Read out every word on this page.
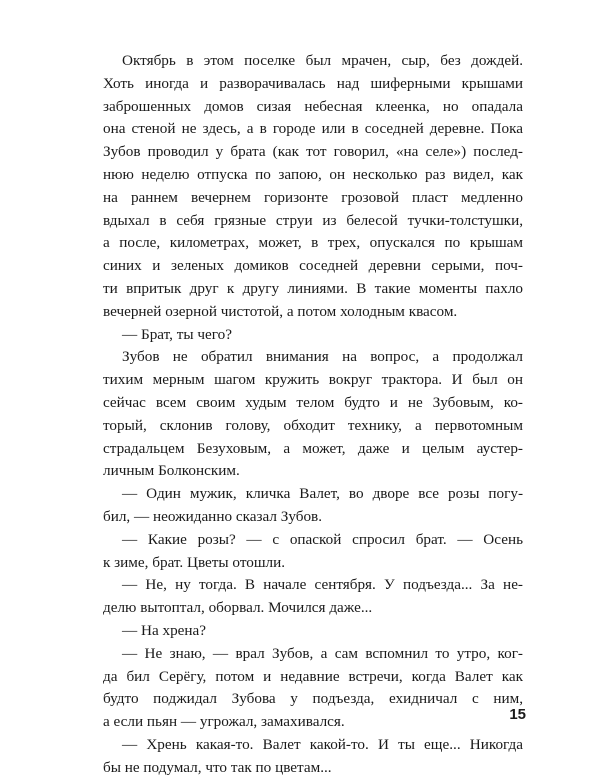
Октябрь в этом поселке был мрачен, сыр, без дождей.
Хоть иногда и разворачивалась над шиферными крышами
заброшенных домов сизая небесная клеенка, но опадала
она стеной не здесь, а в городе или в соседней деревне. Пока
Зубов проводил у брата (как тот говорил, «на селе») послед-
нюю неделю отпуска по запою, он несколько раз видел, как
на раннем вечернем горизонте грозовой пласт медленно
вдыхал в себя грязные струи из белесой тучки-толстушки,
а после, километрах, может, в трех, опускался по крышам
синих и зеленых домиков соседней деревни серыми, поч-
ти впритык друг к другу линиями. В такие моменты пахло
вечерней озерной чистотой, а потом холодным квасом.
— Брат, ты чего?
Зубов не обратил внимания на вопрос, а продолжал
тихим мерным шагом кружить вокруг трактора. И был он
сейчас всем своим худым телом будто и не Зубовым, ко-
торый, склонив голову, обходит технику, а первотомным
страдальцем Безуховым, а может, даже и целым аустер-
личным Болконским.
— Один мужик, кличка Валет, во дворе все розы погу-
бил, — неожиданно сказал Зубов.
— Какие розы? — с опаской спросил брат. — Осень
к зиме, брат. Цветы отошли.
— Не, ну тогда. В начале сентября. У подъезда... За не-
делю вытоптал, оборвал. Мочился даже...
— На хрена?
— Не знаю, — врал Зубов, а сам вспомнил то утро, ког-
да бил Серёгу, потом и недавние встречи, когда Валет как
будто поджидал Зубова у подъезда, ехидничал с ним,
а если пьян — угрожал, замахивался.
— Хрень какая-то. Валет какой-то. И ты еще... Никогда
бы не подумал, что так по цветам...
15
